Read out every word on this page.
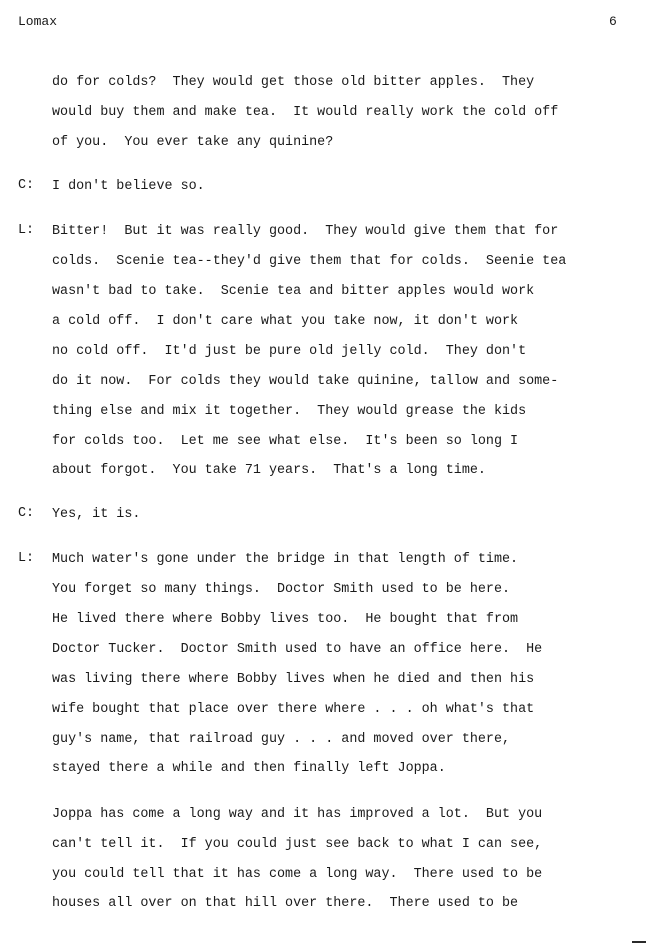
Lomax	6
do for colds?  They would get those old bitter apples.  They
would buy them and make tea.  It would really work the cold off
of you.  You ever take any quinine?
C: I don't believe so.
L: Bitter!  But it was really good.  They would give them that for
colds.  Scenie tea--they'd give them that for colds.  Seenie tea
wasn't bad to take.  Scenie tea and bitter apples would work
a cold off.  I don't care what you take now, it don't work
no cold off.  It'd just be pure old jelly cold.  They don't
do it now.  For colds they would take quinine, tallow and some-
thing else and mix it together.  They would grease the kids
for colds too.  Let me see what else.  It's been so long I
about forgot.  You take 71 years.  That's a long time.
C: Yes, it is.
L: Much water's gone under the bridge in that length of time.
You forget so many things.  Doctor Smith used to be here.
He lived there where Bobby lives too.  He bought that from
Doctor Tucker.  Doctor Smith used to have an office here.  He
was living there where Bobby lives when he died and then his
wife bought that place over there where . . . oh what's that
guy's name, that railroad guy . . . and moved over there,
stayed there a while and then finally left Joppa.
Joppa has come a long way and it has improved a lot.  But you
can't tell it.  If you could just see back to what I can see,
you could tell that it has come a long way.  There used to be
houses all over on that hill over there.  There used to be
